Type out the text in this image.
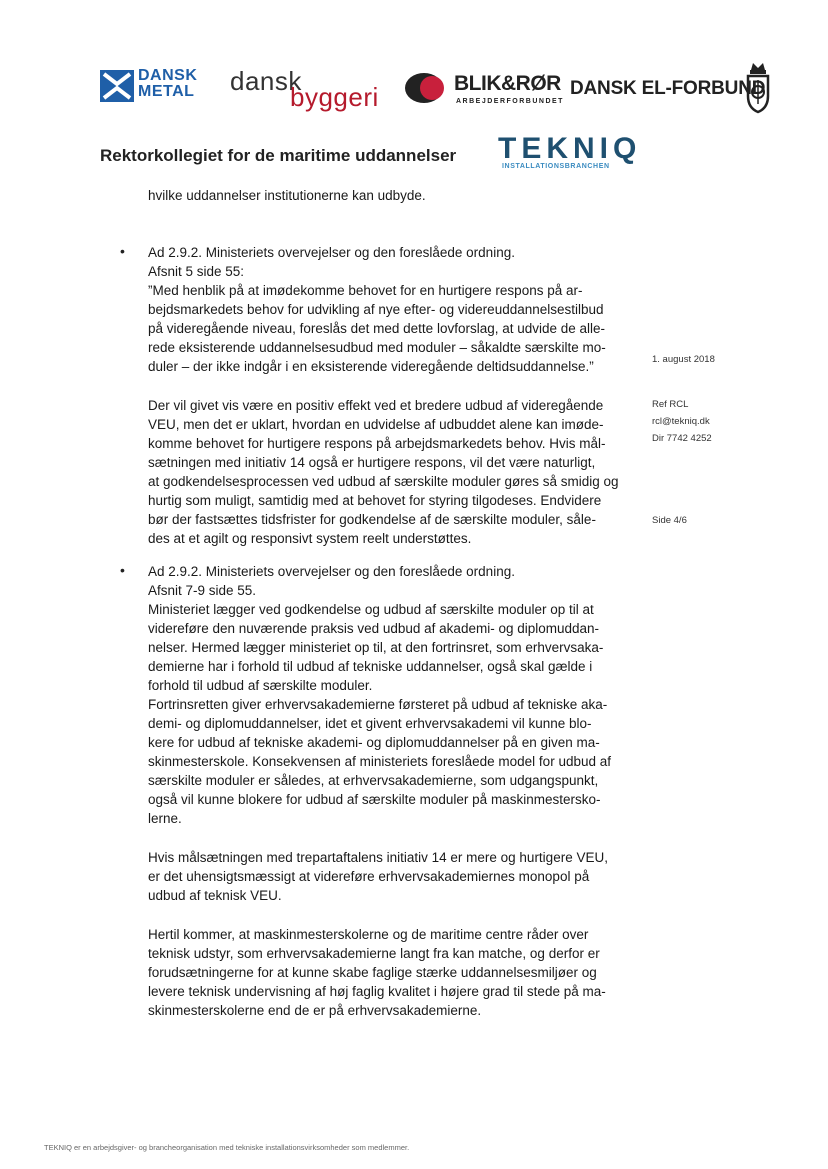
DANSK
METAL dansk
byggeri	BLIK&RØR
ARBEJDERFORBUNDET
DANSK EL-FORBUND
Rektorkollegiet for de maritime uddannelser TEKNIQ
INSTALLATIONSBRANCHEN
hvilke uddannelser institutionerne kan udbyde.
• Ad 2.9.2. Ministeriets overvejelser og den foreslåede ordning.
Afsnit 5 side 55:
”Med henblik på at imødekomme behovet for en hurtigere respons på ar-
bejdsmarkedets behov for udvikling af nye efter- og videreuddannelsestilbud
på videregående niveau, foreslås det med dette lovforslag, at udvide de alle-
rede eksisterende uddannelsesudbud med moduler – såkaldte særskilte mo-
duler – der ikke indgår i en eksisterende videregående deltidsuddannelse.”
Der vil givet vis være en positiv effekt ved et bredere udbud af videregående
VEU, men det er uklart, hvordan en udvidelse af udbuddet alene kan imøde-
komme behovet for hurtigere respons på arbejdsmarkedets behov. Hvis mål-
sætningen med initiativ 14 også er hurtigere respons, vil det være naturligt,
at godkendelsesprocessen ved udbud af særskilte moduler gøres så smidig og
hurtig som muligt, samtidig med at behovet for styring tilgodeses. Endvidere
bør der fastsættes tidsfrister for godkendelse af de særskilte moduler, såle-
des at et agilt og responsivt system reelt understøttes.
• Ad 2.9.2. Ministeriets overvejelser og den foreslåede ordning.
Afsnit 7-9 side 55.
Ministeriet lægger ved godkendelse og udbud af særskilte moduler op til at
videreføre den nuværende praksis ved udbud af akademi- og diplomuddan-
nelser. Hermed lægger ministeriet op til, at den fortrinsret, som erhvervsaka-
demierne har i forhold til udbud af tekniske uddannelser, også skal gælde i
forhold til udbud af særskilte moduler.
Fortrinsretten giver erhvervsakademierne førsteret på udbud af tekniske aka-
demi- og diplomuddannelser, idet et givent erhvervsakademi vil kunne blo-
kere for udbud af tekniske akademi- og diplomuddannelser på en given ma-
skinmesterskole. Konsekvensen af ministeriets foreslåede model for udbud af
særskilte moduler er således, at erhvervsakademierne, som udgangspunkt,
også vil kunne blokere for udbud af særskilte moduler på maskinmestersko-
lerne.
Hvis målsætningen med trepartaftalens initiativ 14 er mere og hurtigere VEU,
er det uhensigtsmæssigt at videreføre erhvervsakademiernes monopol på
udbud af teknisk VEU.
Hertil kommer, at maskinmesterskolerne og de maritime centre råder over
teknisk udstyr, som erhvervsakademierne langt fra kan matche, og derfor er
forudsætningerne for at kunne skabe faglige stærke uddannelsesmiljøer og
levere teknisk undervisning af høj faglig kvalitet i højere grad til stede på ma-
skinmesterskolerne end de er på erhvervsakademierne.
1. august 2018
Ref RCL
rcl@tekniq.dk
Dir 7742 4252
Side 4/6
TEKNIQ er en arbejdsgiver- og brancheorganisation med tekniske installationsvirksomheder som medlemmer.
